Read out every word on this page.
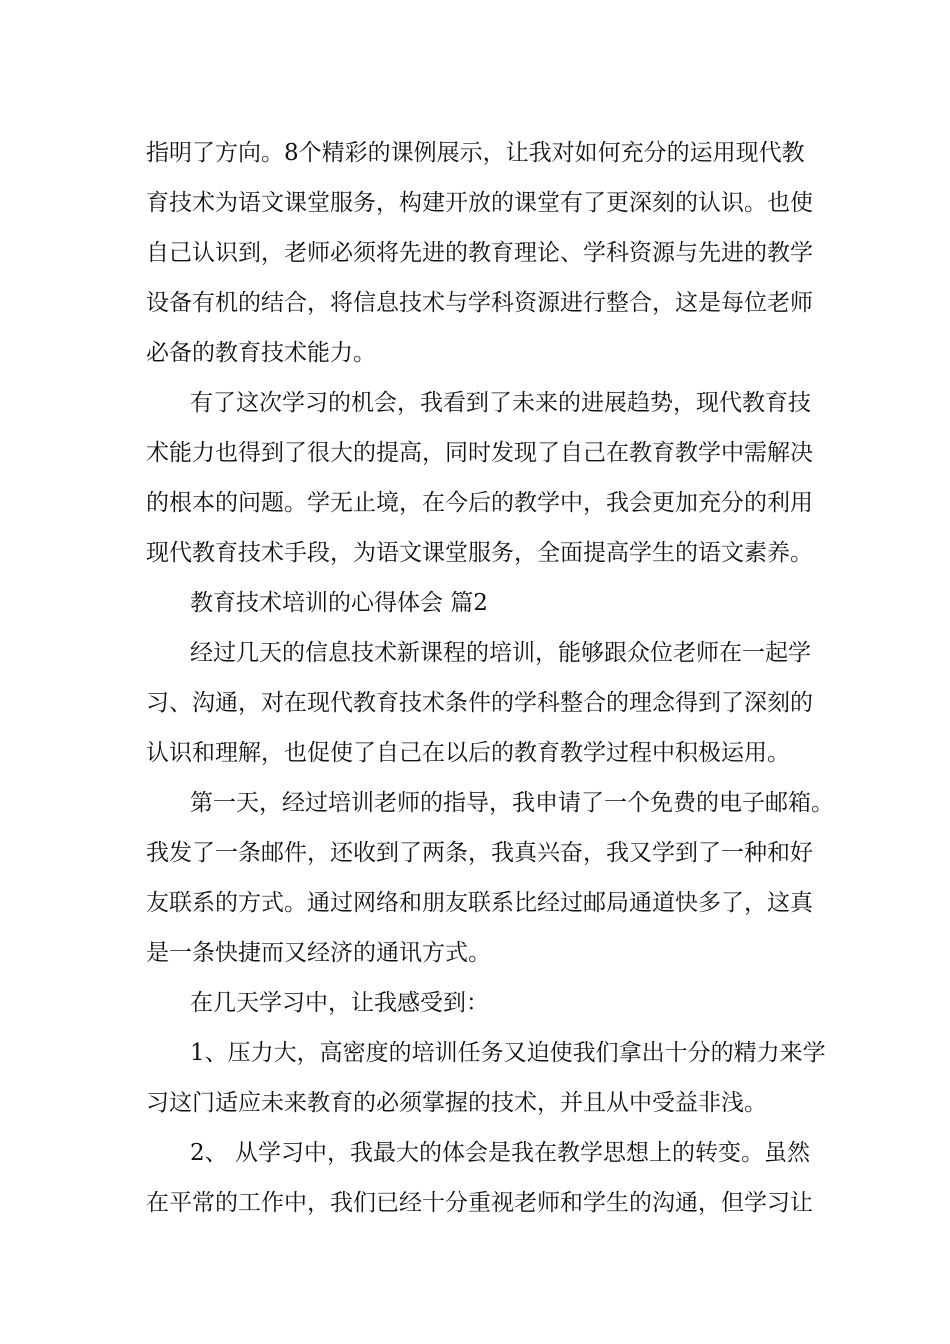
指明了方向。8个精彩的课例展示，让我对如何充分的运用现代教
育技术为语文课堂服务，构建开放的课堂有了更深刻的认识。也使
自己认识到，老师必须将先进的教育理论、学科资源与先进的教学
设备有机的结合，将信息技术与学科资源进行整合，这是每位老师
必备的教育技术能力。
有了这次学习的机会，我看到了未来的进展趋势，现代教育技
术能力也得到了很大的提高，同时发现了自己在教育教学中需解决
的根本的问题。学无止境，在今后的教学中，我会更加充分的利用
现代教育技术手段，为语文课堂服务，全面提高学生的语文素养。
教育技术培训的心得体会 篇2
经过几天的信息技术新课程的培训，能够跟众位老师在一起学
习、沟通，对在现代教育技术条件的学科整合的理念得到了深刻的
认识和理解，也促使了自己在以后的教育教学过程中积极运用。
第一天，经过培训老师的指导，我申请了一个免费的电子邮箱。
我发了一条邮件，还收到了两条，我真兴奋，我又学到了一种和好
友联系的方式。通过网络和朋友联系比经过邮局通道快多了，这真
是一条快捷而又经济的通讯方式。
在几天学习中，让我感受到：
1、压力大，高密度的培训任务又迫使我们拿出十分的精力来学
习这门适应未来教育的必须掌握的技术，并且从中受益非浅。
2、 从学习中，我最大的体会是我在教学思想上的转变。虽然
在平常的工作中，我们已经十分重视老师和学生的沟通，但学习让
